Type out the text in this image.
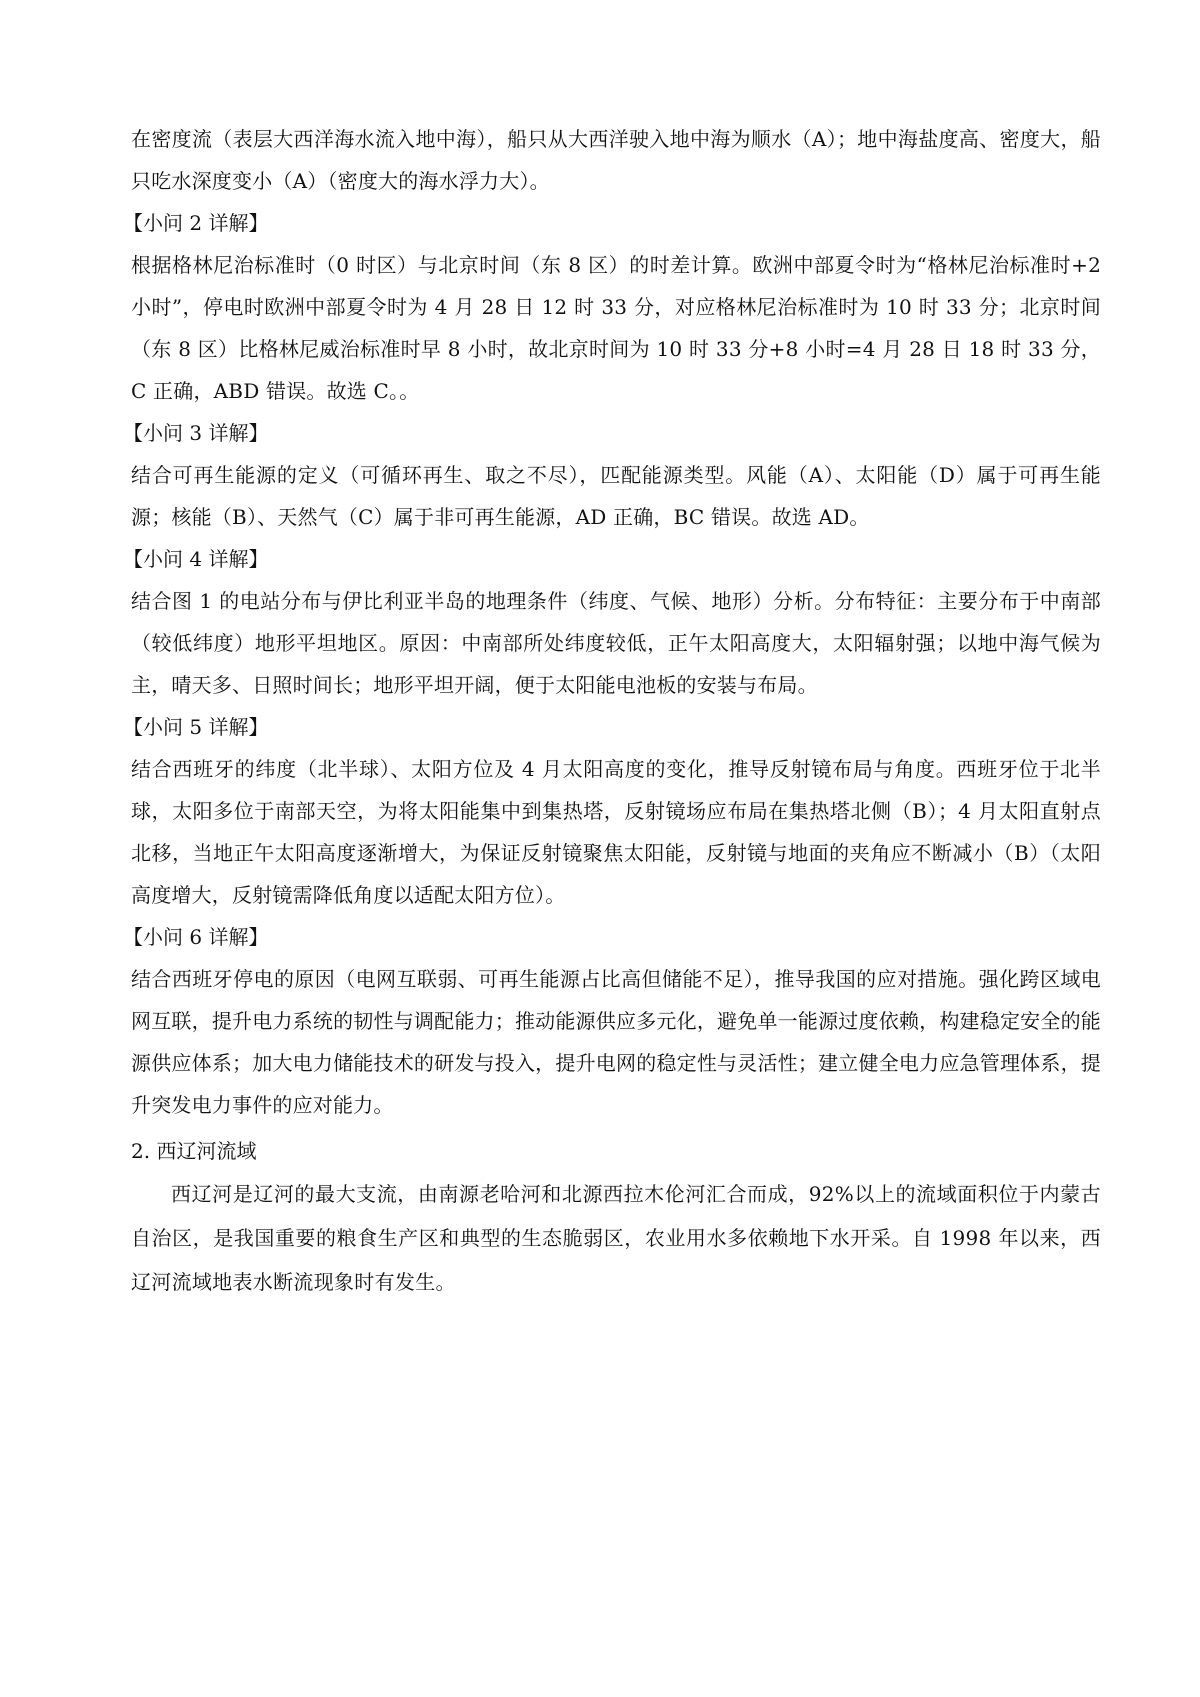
在密度流（表层大西洋海水流入地中海），船只从大西洋驶入地中海为顺水（A）；地中海盐度高、密度大，船只吃水深度变小（A）（密度大的海水浮力大）。

【小问 2 详解】

根据格林尼治标准时（0 时区）与北京时间（东 8 区）的时差计算。欧洲中部夏令时为“格林尼治标准时+2 小时”，停电时欧洲中部夏令时为 4 月 28 日 12 时 33 分，对应格林尼治标准时为 10 时 33 分；北京时间（东 8 区）比格林尼威治标准时早 8 小时，故北京时间为 10 时 33 分+8 小时=4 月 28 日 18 时 33 分，C 正确，ABD 错误。故选 C。。

【小问 3 详解】

结合可再生能源的定义（可循环再生、取之不尽），匹配能源类型。风能（A）、太阳能（D）属于可再生能源；核能（B）、天然气（C）属于非可再生能源，AD 正确，BC 错误。故选 AD。

【小问 4 详解】

结合图 1 的电站分布与伊比利亚半岛的地理条件（纬度、气候、地形）分析。分布特征：主要分布于中南部（较低纬度）地形平坦地区。原因：中南部所处纬度较低，正午太阳高度大，太阳辐射强；以地中海气候为主，晴天多、日照时间长；地形平坦开阔，便于太阳能电池板的安装与布局。

【小问 5 详解】

结合西班牙的纬度（北半球）、太阳方位及 4 月太阳高度的变化，推导反射镜布局与角度。西班牙位于北半球，太阳多位于南部天空，为将太阳能集中到集热塔，反射镜场应布局在集热塔北侧（B）；4 月太阳直射点北移，当地正午太阳高度逐渐增大，为保证反射镜聚焦太阳能，反射镜与地面的夹角应不断减小（B）（太阳高度增大，反射镜需降低角度以适配太阳方位）。

【小问 6 详解】

结合西班牙停电的原因（电网互联弱、可再生能源占比高但储能不足），推导我国的应对措施。强化跨区域电网互联，提升电力系统的韧性与调配能力；推动能源供应多元化，避免单一能源过度依赖，构建稳定安全的能源供应体系；加大电力储能技术的研发与投入，提升电网的稳定性与灵活性；建立健全电力应急管理体系，提升突发电力事件的应对能力。

2. 西辽河流域

西辽河是辽河的最大支流，由南源老哈河和北源西拉木伦河汇合而成，92%以上的流域面积位于内蒙古自治区，是我国重要的粮食生产区和典型的生态脆弱区，农业用水多依赖地下水开采。自 1998 年以来，西辽河流域地表水断流现象时有发生。
